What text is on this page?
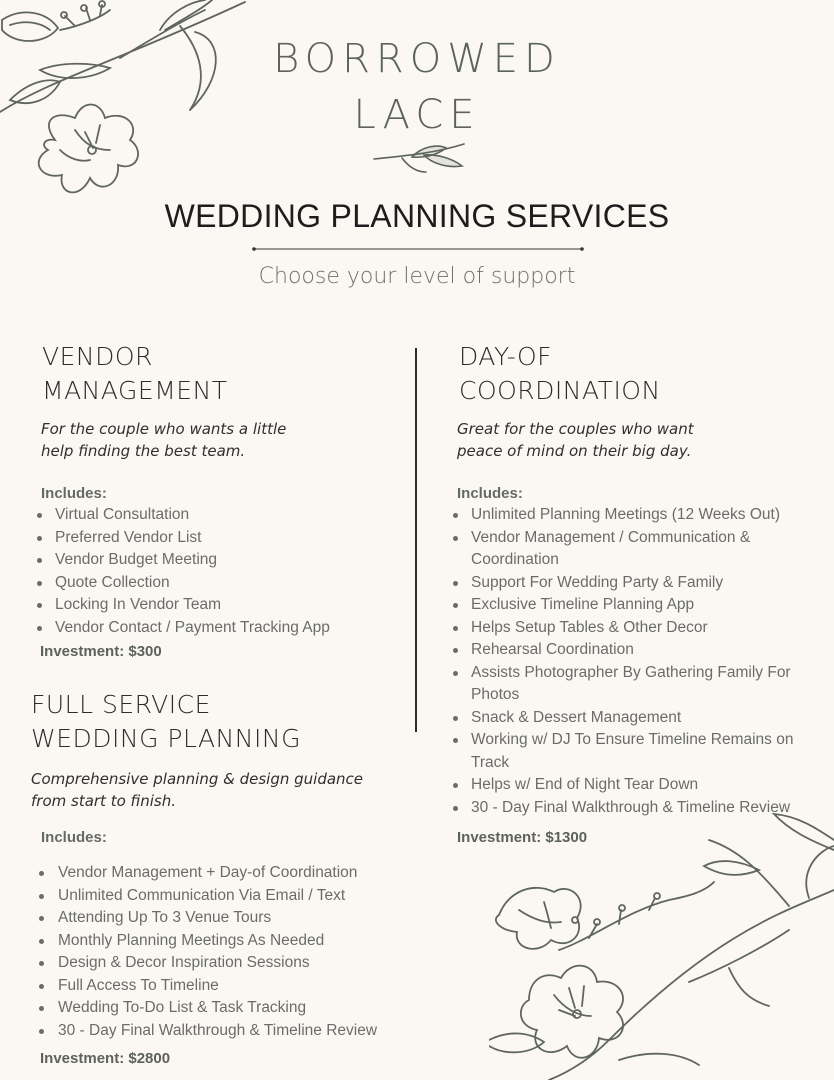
BORROWED
LACE
WEDDING PLANNING SERVICES
Choose your level of support
VENDOR
MANAGEMENT
For the couple who wants a little
help finding the best team.
Includes:
Virtual Consultation
Preferred Vendor List
Vendor Budget Meeting
Quote Collection
Locking In Vendor Team
Vendor Contact / Payment Tracking App
Investment: $300
DAY-OF
COORDINATION
Great for the couples who want
peace of mind on their big day.
Includes:
Unlimited Planning Meetings (12 Weeks Out)
Vendor Management / Communication & Coordination
Support For Wedding Party & Family
Exclusive Timeline Planning App
Helps Setup Tables & Other Decor
Rehearsal Coordination
Assists Photographer By Gathering Family For Photos
Snack & Dessert Management
Working w/ DJ To Ensure Timeline Remains on Track
Helps w/ End of Night Tear Down
30 - Day Final Walkthrough & Timeline Review
Investment: $1300
FULL SERVICE
WEDDING PLANNING
Comprehensive planning & design guidance
from start to finish.
Includes:
Vendor Management + Day-of Coordination
Unlimited Communication Via Email / Text
Attending Up To 3 Venue Tours
Monthly Planning Meetings As Needed
Design & Decor Inspiration Sessions
Full Access To Timeline
Wedding To-Do List & Task Tracking
30 - Day Final Walkthrough & Timeline Review
Investment: $2800
